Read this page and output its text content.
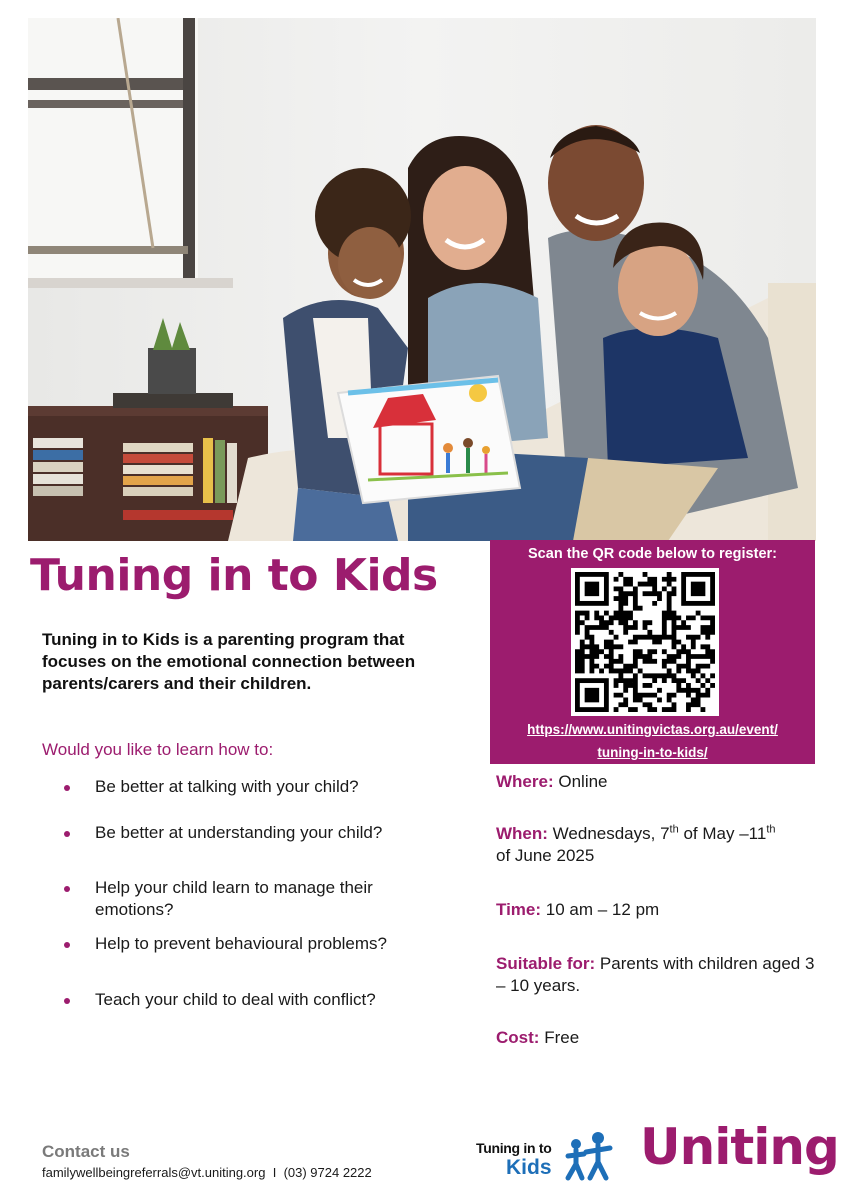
Tuning in to Kids

Tuning in to Kids is a parenting program that focuses on the emotional connection between parents/carers and their children.

Would you like to learn how to:

Be better at talking with your child?
Be better at understanding your child?
Help your child learn to manage their emotions?
Help to prevent behavioural problems?
Teach your child to deal with conflict?
Scan the QR code below to register:
https://www.unitingvictas.org.au/event/
tuning-in-to-kids/

Where: Online

When: Wednesdays, 7th of May –11th
of June 2025

Time: 10 am – 12 pm

Suitable for: Parents with children aged 3 – 10 years.

Cost: Free

Contact us

familywellbeingreferrals@vt.uniting.org I (03) 9724 2222

Tuning in to
Kids Uniting
